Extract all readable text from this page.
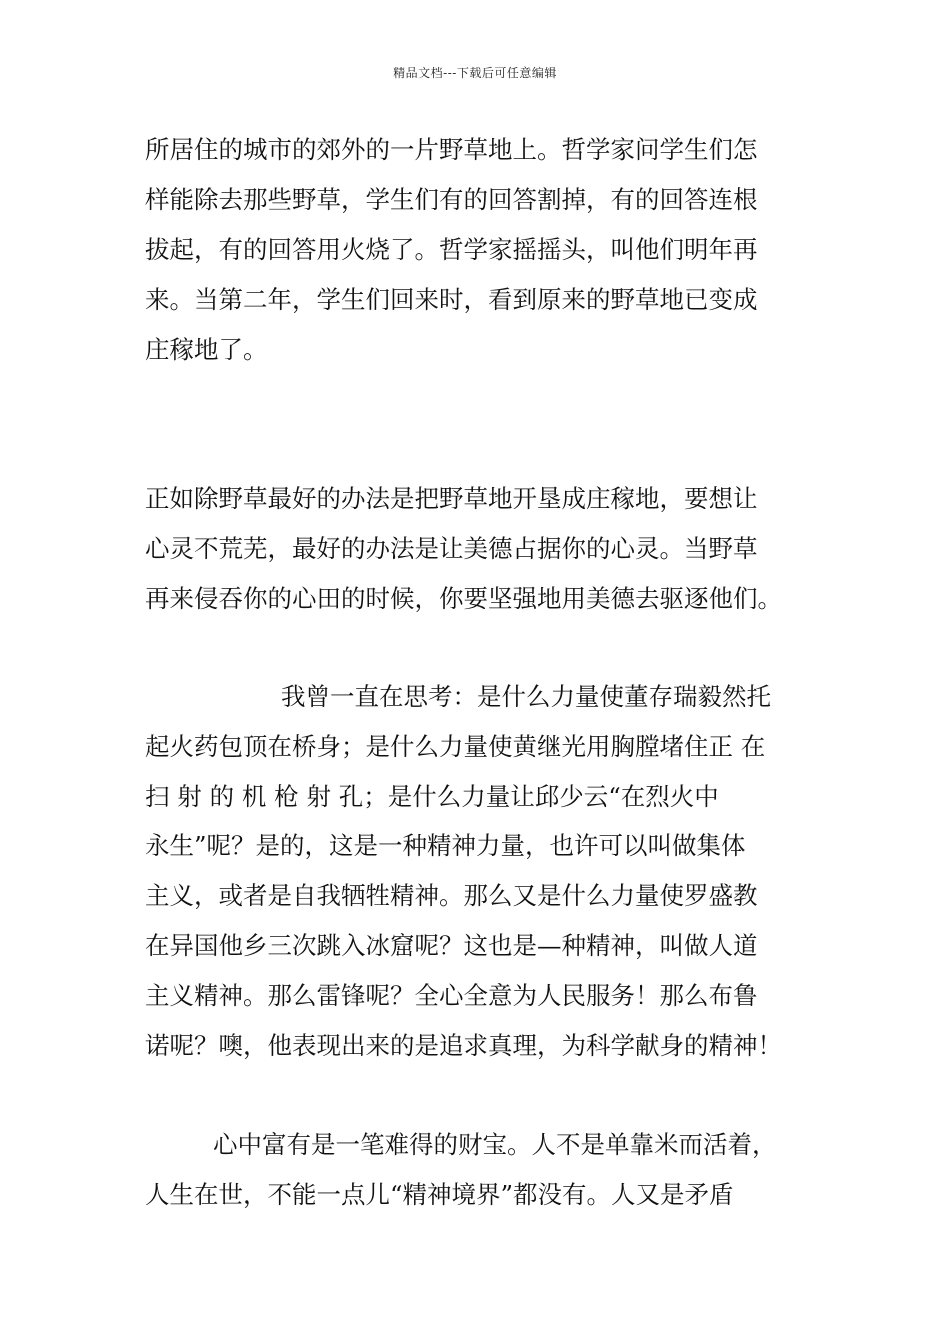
精品文档---下载后可任意编辑
所居住的城市的郊外的一片野草地上。哲学家问学生们怎
样能除去那些野草，学生们有的回答割掉，有的回答连根
拔起，有的回答用火烧了。哲学家摇摇头，叫他们明年再
来。当第二年，学生们回来时，看到原来的野草地已变成
庄稼地了。
正如除野草最好的办法是把野草地开垦成庄稼地，要想让
心灵不荒芜，最好的办法是让美德占据你的心灵。当野草
再来侵吞你的心田的时候，你要坚强地用美德去驱逐他们。
我曾一直在思考：是什么力量使董存瑞毅然托
起火药包顶在桥身；是什么力量使黄继光用胸膛堵住正 在
扫 射 的 机 枪 射 孔；是什么力量让邱少云“在烈火中
永生”呢？是的，这是一种精神力量，也许可以叫做集体
主义，或者是自我牺牲精神。那么又是什么力量使罗盛教
在异国他乡三次跳入冰窟呢？这也是—种精神，叫做人道
主义精神。那么雷锋呢？全心全意为人民服务！那么布鲁
诺呢？噢，他表现出来的是追求真理，为科学献身的精神！
心中富有是一笔难得的财宝。人不是单靠米而活着，
人生在世，不能一点儿“精神境界”都没有。人又是矛盾
